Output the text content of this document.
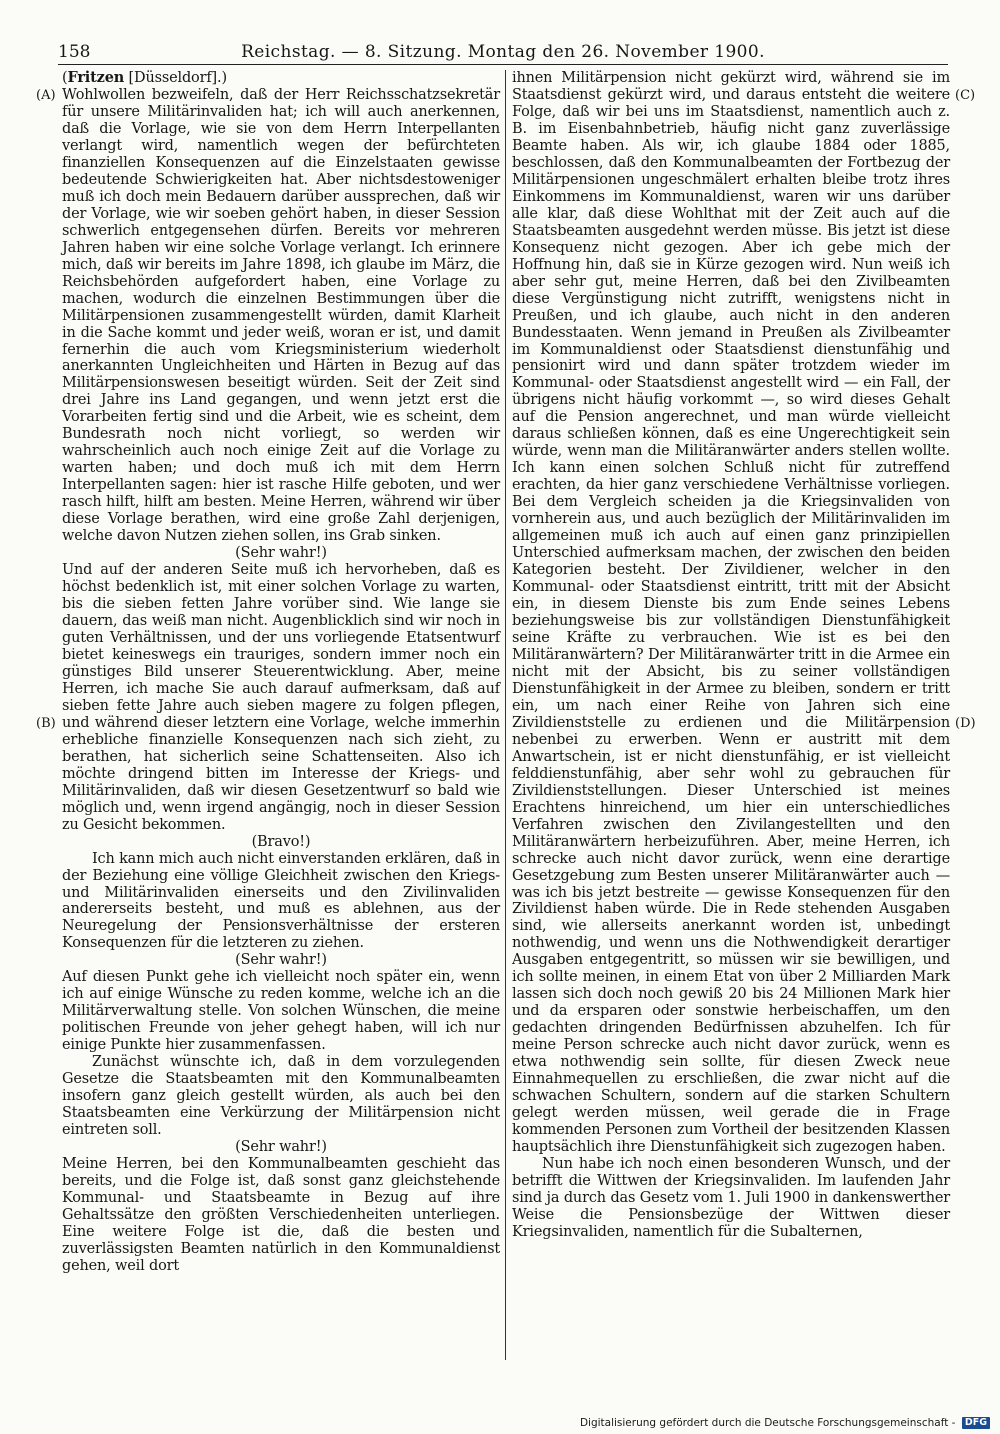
158	Reichstag. — 8. Sitzung. Montag den 26. November 1900.
(A)
(B)
(C)
(D)

(Fritzen [Düsseldorf].)

Wohlwollen bezweifeln, daß der Herr Reichsschatzsekretär für unsere Militärinvaliden hat; ich will auch anerkennen, daß die Vorlage, wie sie von dem Herrn Interpellanten verlangt wird, namentlich wegen der befürchteten finanziellen Konsequenzen auf die Einzelstaaten gewisse bedeutende Schwierigkeiten hat. Aber nichtsdestoweniger muß ich doch mein Bedauern darüber aussprechen, daß wir der Vorlage, wie wir soeben gehört haben, in dieser Session schwerlich entgegensehen dürfen. Bereits vor mehreren Jahren haben wir eine solche Vorlage verlangt. Ich erinnere mich, daß wir bereits im Jahre 1898, ich glaube im März, die Reichsbehörden aufgefordert haben, eine Vorlage zu machen, wodurch die einzelnen Bestimmungen über die Militärpensionen zusammengestellt würden, damit Klarheit in die Sache kommt und jeder weiß, woran er ist, und damit fernerhin die auch vom Kriegsministerium wiederholt anerkannten Ungleichheiten und Härten in Bezug auf das Militärpensionswesen beseitigt würden. Seit der Zeit sind drei Jahre ins Land gegangen, und wenn jetzt erst die Vorarbeiten fertig sind und die Arbeit, wie es scheint, dem Bundesrath noch nicht vorliegt, so werden wir wahrscheinlich auch noch einige Zeit auf die Vorlage zu warten haben; und doch muß ich mit dem Herrn Interpellanten sagen: hier ist rasche Hilfe geboten, und wer rasch hilft, hilft am besten. Meine Herren, während wir über diese Vorlage berathen, wird eine große Zahl derjenigen, welche davon Nutzen ziehen sollen, ins Grab sinken.

(Sehr wahr!)

Und auf der anderen Seite muß ich hervorheben, daß es höchst bedenklich ist, mit einer solchen Vorlage zu warten, bis die sieben fetten Jahre vorüber sind. Wie lange sie dauern, das weiß man nicht. Augenblicklich sind wir noch in guten Verhältnissen, und der uns vorliegende Etatsentwurf bietet keineswegs ein trauriges, sondern immer noch ein günstiges Bild unserer Steuerentwicklung. Aber, meine Herren, ich mache Sie auch darauf aufmerksam, daß auf sieben fette Jahre auch sieben magere zu folgen pflegen, und während dieser letztern eine Vorlage, welche immerhin erhebliche finanzielle Konsequenzen nach sich zieht, zu berathen, hat sicherlich seine Schattenseiten. Also ich möchte dringend bitten im Interesse der Kriegs- und Militärinvaliden, daß wir diesen Gesetzentwurf so bald wie möglich und, wenn irgend angängig, noch in dieser Session zu Gesicht bekommen.

(Bravo!)

Ich kann mich auch nicht einverstanden erklären, daß in der Beziehung eine völlige Gleichheit zwischen den Kriegs- und Militärinvaliden einerseits und den Zivilinvaliden andererseits besteht, und muß es ablehnen, aus der Neuregelung der Pensionsverhältnisse der ersteren Konsequenzen für die letzteren zu ziehen.

(Sehr wahr!)

Auf diesen Punkt gehe ich vielleicht noch später ein, wenn ich auf einige Wünsche zu reden komme, welche ich an die Militärverwaltung stelle. Von solchen Wünschen, die meine politischen Freunde von jeher gehegt haben, will ich nur einige Punkte hier zusammenfassen.

Zunächst wünschte ich, daß in dem vorzulegenden Gesetze die Staatsbeamten mit den Kommunalbeamten insofern ganz gleich gestellt würden, als auch bei den Staatsbeamten eine Verkürzung der Militärpension nicht eintreten soll.

(Sehr wahr!)

Meine Herren, bei den Kommunalbeamten geschieht das bereits, und die Folge ist, daß sonst ganz gleichstehende Kommunal- und Staatsbeamte in Bezug auf ihre Gehaltssätze den größten Verschiedenheiten unterliegen. Eine weitere Folge ist die, daß die besten und zuverlässigsten Beamten natürlich in den Kommunaldienst gehen, weil dort

ihnen Militärpension nicht gekürzt wird, während sie im Staatsdienst gekürzt wird, und daraus entsteht die weitere Folge, daß wir bei uns im Staatsdienst, namentlich auch z. B. im Eisenbahnbetrieb, häufig nicht ganz zuverlässige Beamte haben. Als wir, ich glaube 1884 oder 1885, beschlossen, daß den Kommunalbeamten der Fortbezug der Militärpensionen ungeschmälert erhalten bleibe trotz ihres Einkommens im Kommunaldienst, waren wir uns darüber alle klar, daß diese Wohlthat mit der Zeit auch auf die Staatsbeamten ausgedehnt werden müsse. Bis jetzt ist diese Konsequenz nicht gezogen. Aber ich gebe mich der Hoffnung hin, daß sie in Kürze gezogen wird. Nun weiß ich aber sehr gut, meine Herren, daß bei den Zivilbeamten diese Vergünstigung nicht zutrifft, wenigstens nicht in Preußen, und ich glaube, auch nicht in den anderen Bundesstaaten. Wenn jemand in Preußen als Zivilbeamter im Kommunaldienst oder Staatsdienst dienstunfähig und pensionirt wird und dann später trotzdem wieder im Kommunal- oder Staatsdienst angestellt wird — ein Fall, der übrigens nicht häufig vorkommt —, so wird dieses Gehalt auf die Pension angerechnet, und man würde vielleicht daraus schließen können, daß es eine Ungerechtigkeit sein würde, wenn man die Militäranwärter anders stellen wollte. Ich kann einen solchen Schluß nicht für zutreffend erachten, da hier ganz verschiedene Verhältnisse vorliegen. Bei dem Vergleich scheiden ja die Kriegsinvaliden von vornherein aus, und auch bezüglich der Militärinvaliden im allgemeinen muß ich auch auf einen ganz prinzipiellen Unterschied aufmerksam machen, der zwischen den beiden Kategorien besteht. Der Zivildiener, welcher in den Kommunal- oder Staatsdienst eintritt, tritt mit der Absicht ein, in diesem Dienste bis zum Ende seines Lebens beziehungsweise bis zur vollständigen Dienstunfähigkeit seine Kräfte zu verbrauchen. Wie ist es bei den Militäranwärtern? Der Militäranwärter tritt in die Armee ein nicht mit der Absicht, bis zu seiner vollständigen Dienstunfähigkeit in der Armee zu bleiben, sondern er tritt ein, um nach einer Reihe von Jahren sich eine Zivildienststelle zu erdienen und die Militärpension nebenbei zu erwerben. Wenn er austritt mit dem Anwartschein, ist er nicht dienstunfähig, er ist vielleicht felddienstunfähig, aber sehr wohl zu gebrauchen für Zivildienststellungen. Dieser Unterschied ist meines Erachtens hinreichend, um hier ein unterschiedliches Verfahren zwischen den Zivilangestellten und den Militäranwärtern herbeizuführen. Aber, meine Herren, ich schrecke auch nicht davor zurück, wenn eine derartige Gesetzgebung zum Besten unserer Militäranwärter auch — was ich bis jetzt bestreite — gewisse Konsequenzen für den Zivildienst haben würde. Die in Rede stehenden Ausgaben sind, wie allerseits anerkannt worden ist, unbedingt nothwendig, und wenn uns die Nothwendigkeit derartiger Ausgaben entgegentritt, so müssen wir sie bewilligen, und ich sollte meinen, in einem Etat von über 2 Milliarden Mark lassen sich doch noch gewiß 20 bis 24 Millionen Mark hier und da ersparen oder sonstwie herbeischaffen, um den gedachten dringenden Bedürfnissen abzuhelfen. Ich für meine Person schrecke auch nicht davor zurück, wenn es etwa nothwendig sein sollte, für diesen Zweck neue Einnahmequellen zu erschließen, die zwar nicht auf die schwachen Schultern, sondern auf die starken Schultern gelegt werden müssen, weil gerade die in Frage kommenden Personen zum Vortheil der besitzenden Klassen hauptsächlich ihre Dienstunfähigkeit sich zugezogen haben.

Nun habe ich noch einen besonderen Wunsch, und der betrifft die Wittwen der Kriegsinvaliden. Im laufenden Jahr sind ja durch das Gesetz vom 1. Juli 1900 in dankenswerther Weise die Pensionsbezüge der Wittwen dieser Kriegsinvaliden, namentlich für die Subalternen,

Digitalisierung gefördert durch die Deutsche Forschungsgemeinschaft - DFG
